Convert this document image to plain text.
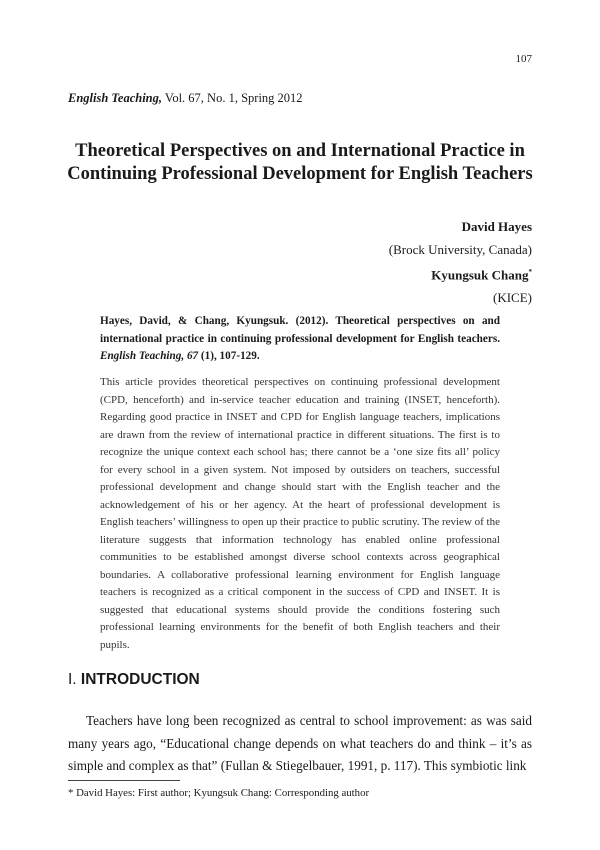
107
English Teaching, Vol. 67, No. 1, Spring 2012
Theoretical Perspectives on and International Practice in
Continuing Professional Development for English Teachers
David Hayes
(Brock University, Canada)
Kyungsuk Chang*
(KICE)
Hayes, David, & Chang, Kyungsuk. (2012). Theoretical perspectives on and international practice in continuing professional development for English teachers. English Teaching, 67 (1), 107-129.
This article provides theoretical perspectives on continuing professional development (CPD, henceforth) and in-service teacher education and training (INSET, henceforth). Regarding good practice in INSET and CPD for English language teachers, implications are drawn from the review of international practice in different situations. The first is to recognize the unique context each school has; there cannot be a ‘one size fits all’ policy for every school in a given system. Not imposed by outsiders on teachers, successful professional development and change should start with the English teacher and the acknowledgement of his or her agency. At the heart of professional development is English teachers’ willingness to open up their practice to public scrutiny. The review of the literature suggests that information technology has enabled online professional communities to be established amongst diverse school contexts across geographical boundaries. A collaborative professional learning environment for English language teachers is recognized as a critical component in the success of CPD and INSET. It is suggested that educational systems should provide the conditions fostering such professional learning environments for the benefit of both English teachers and their pupils.
I. INTRODUCTION
Teachers have long been recognized as central to school improvement: as was said many years ago, “Educational change depends on what teachers do and think – it’s as simple and complex as that” (Fullan & Stiegelbauer, 1991, p. 117). This symbiotic link
* David Hayes: First author; Kyungsuk Chang: Corresponding author
